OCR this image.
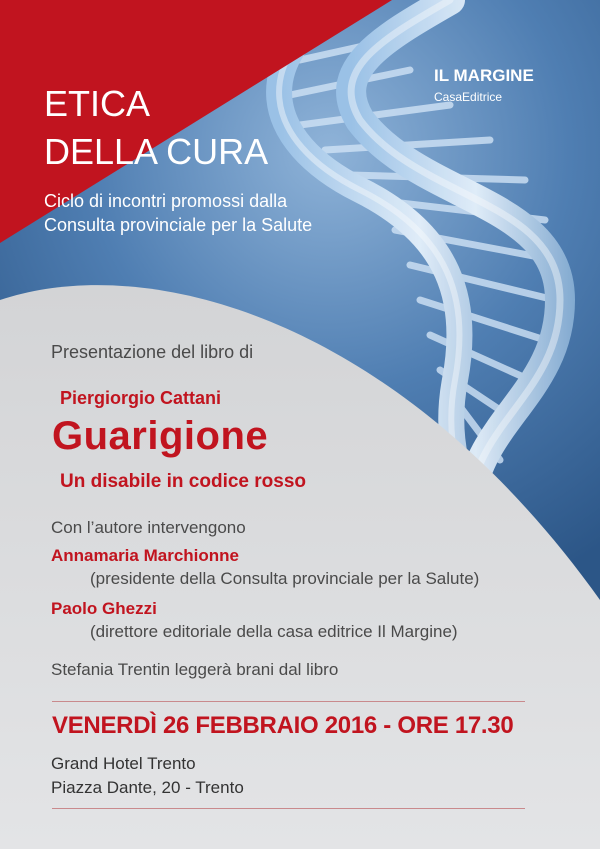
ETICA
DELLA CURA
Ciclo di incontri promossi dalla
Consulta provinciale per la Salute
IL MARGINE
CasaEditrice
Presentazione del libro di
Piergiorgio Cattani
Guarigione
Un disabile in codice rosso
Con l’autore intervengono
Annamaria Marchionne
(presidente della Consulta provinciale per la Salute)
Paolo Ghezzi
(direttore editoriale della casa editrice Il Margine)
Stefania Trentin leggerà brani dal libro
VENERDÌ 26 FEBBRAIO 2016 - ORE 17.30
Grand Hotel Trento
Piazza Dante, 20 - Trento
